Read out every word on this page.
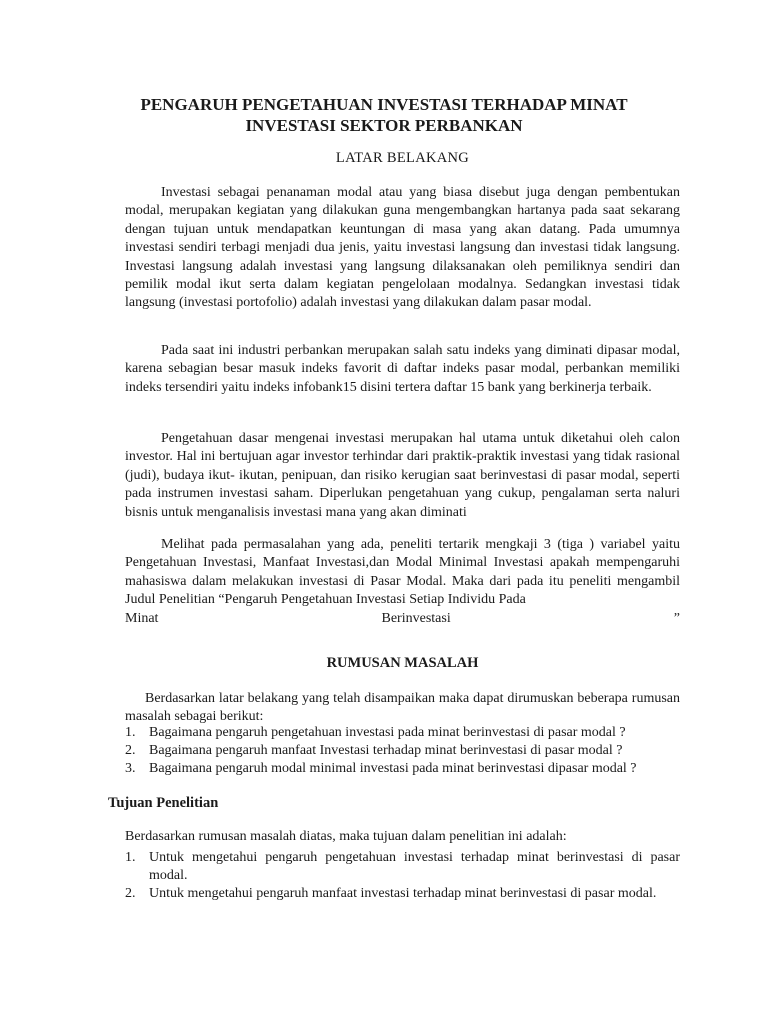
PENGARUH PENGETAHUAN INVESTASI TERHADAP MINAT
INVESTASI SEKTOR PERBANKAN
LATAR BELAKANG

Investasi sebagai penanaman modal atau yang biasa disebut juga dengan pembentukan modal, merupakan kegiatan yang dilakukan guna mengembangkan hartanya pada saat sekarang dengan tujuan untuk mendapatkan keuntungan di masa yang akan datang. Pada umumnya investasi sendiri terbagi menjadi dua jenis, yaitu investasi langsung dan investasi tidak langsung. Investasi langsung adalah investasi yang langsung dilaksanakan oleh pemiliknya sendiri dan pemilik modal ikut serta dalam kegiatan pengelolaan modalnya. Sedangkan investasi tidak langsung (investasi portofolio) adalah investasi yang dilakukan dalam pasar modal.

Pada saat ini industri perbankan merupakan salah satu indeks yang diminati dipasar modal, karena sebagian besar masuk indeks favorit di daftar indeks pasar modal, perbankan memiliki indeks tersendiri yaitu indeks infobank15 disini tertera daftar 15 bank yang berkinerja terbaik.

Pengetahuan dasar mengenai investasi merupakan hal utama untuk diketahui oleh calon investor. Hal ini bertujuan agar investor terhindar dari praktik-praktik investasi yang tidak rasional (judi), budaya ikut- ikutan, penipuan, dan risiko kerugian saat berinvestasi di pasar modal, seperti pada instrumen investasi saham. Diperlukan pengetahuan yang cukup, pengalaman serta naluri bisnis untuk menganalisis investasi mana yang akan diminati

Melihat pada permasalahan yang ada, peneliti tertarik mengkaji 3 (tiga ) variabel yaitu Pengetahuan Investasi, Manfaat Investasi,dan Modal Minimal Investasi apakah mempengaruhi mahasiswa dalam melakukan investasi di Pasar Modal. Maka dari pada itu peneliti mengambil Judul Penelitian “Pengaruh Pengetahuan Investasi Setiap Individu Pada
Minat	Berinvestasi	”
RUMUSAN MASALAH

Berdasarkan latar belakang yang telah disampaikan maka dapat dirumuskan beberapa rumusan masalah sebagai berikut:

1. Bagaimana pengaruh pengetahuan investasi pada minat berinvestasi di pasar modal ?
2. Bagaimana pengaruh manfaat Investasi terhadap minat berinvestasi di pasar modal ?
3. Bagaimana pengaruh modal minimal investasi pada minat berinvestasi dipasar modal ?
Tujuan Penelitian

Berdasarkan rumusan masalah diatas, maka tujuan dalam penelitian ini adalah:

1. Untuk mengetahui pengaruh pengetahuan investasi terhadap minat berinvestasi di pasar modal.
2. Untuk mengetahui pengaruh manfaat investasi terhadap minat berinvestasi di pasar modal.
